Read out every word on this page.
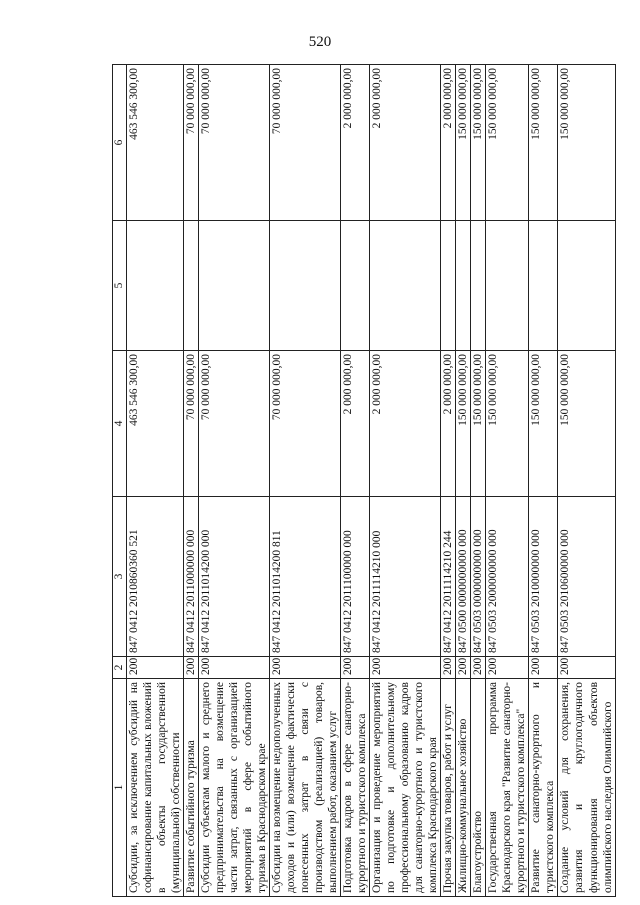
520
1	2	3	4	5	6
Субсидии, за исключением субсидий на софинансирование капитальных вложений в объекты государственной (муниципальной) собственности	200	847 0412 2010860360 521	463 546 300,00		463 546 300,00
Развитие событийного туризма	200	847 0412 2011000000 000	70 000 000,00		70 000 000,00
Субсидии субъектам малого и среднего предпринимательства на возмещение части затрат, связанных с организацией мероприятий в сфере событийного туризма в Краснодарском крае	200	847 0412 2011014200 000	70 000 000,00		70 000 000,00
Субсидии на возмещение недополученных доходов и (или) возмещение фактически понесенных затрат в связи с производством (реализацией) товаров, выполнением работ, оказанием услуг	200	847 0412 2011014200 811	70 000 000,00		70 000 000,00
Подготовка кадров в сфере санаторно-курортного и туристского комплекса	200	847 0412 2011100000 000	2 000 000,00		2 000 000,00
Организация и проведение мероприятий по подготовке и дополнительному профессиональному образованию кадров для санаторно-курортного и туристского комплекса Краснодарского края	200	847 0412 2011114210 000	2 000 000,00		2 000 000,00
Прочая закупка товаров, работ и услуг	200	847 0412 2011114210 244	2 000 000,00		2 000 000,00
Жилищно-коммунальное хозяйство	200	847 0500 0000000000 000	150 000 000,00		150 000 000,00
Благоустройство	200	847 0503 0000000000 000	150 000 000,00		150 000 000,00
Государственная программа Краснодарского края "Развитие санаторно-курортного и туристского комплекса"	200	847 0503 2000000000 000	150 000 000,00		150 000 000,00
Развитие санаторно-курортного и туристского комплекса	200	847 0503 2010000000 000	150 000 000,00		150 000 000,00
Создание условий для сохранения, развития и круглогодичного функционирования объектов олимпийского наследия Олимпийского	200	847 0503 2010600000 000	150 000 000,00		150 000 000,00
